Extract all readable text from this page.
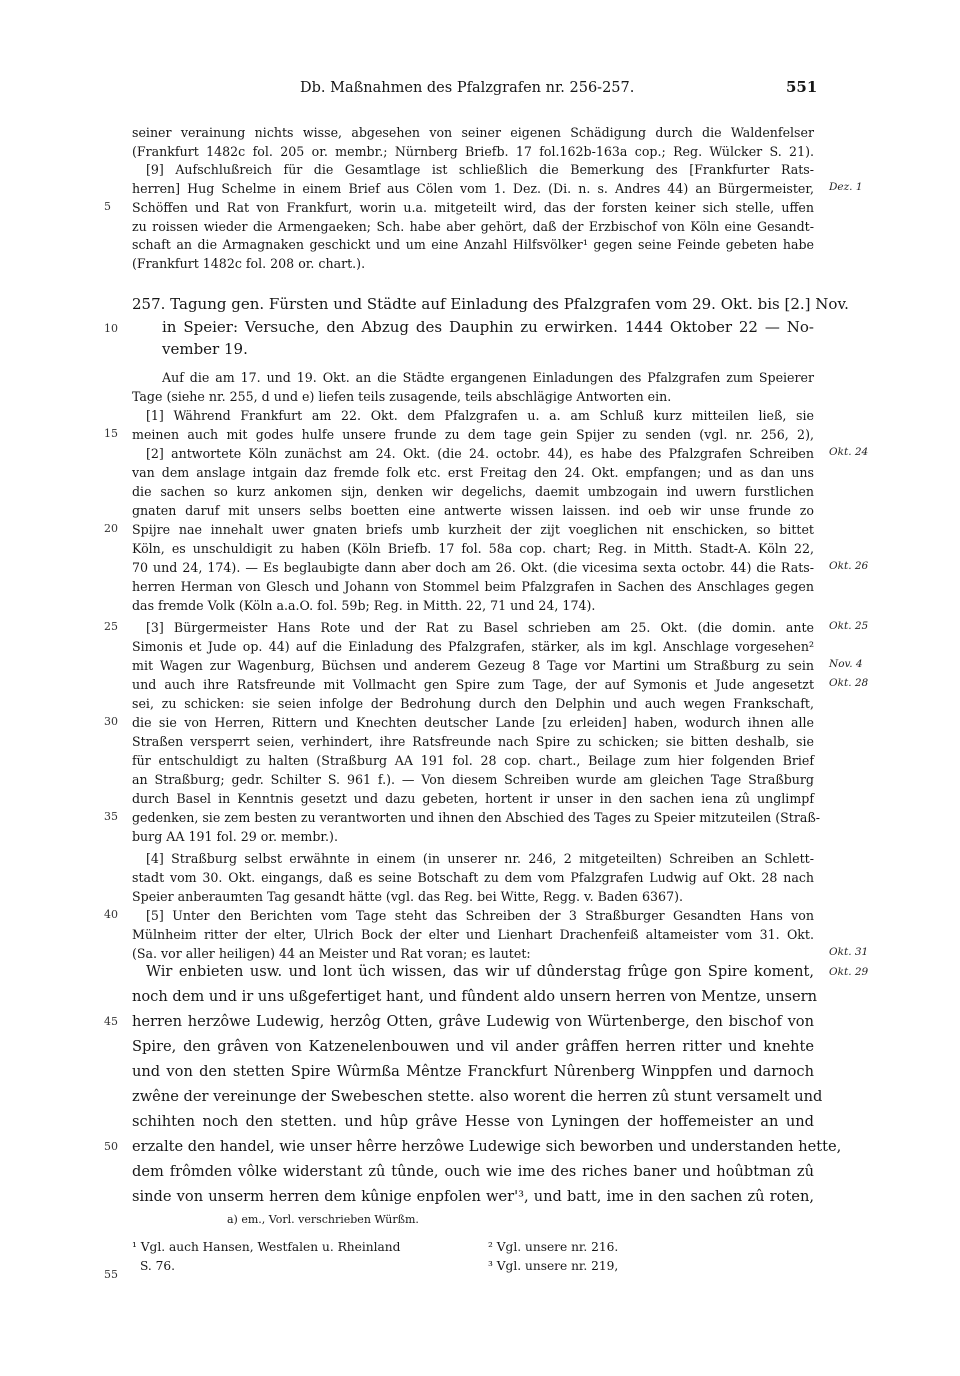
Db. Maßnahmen des Pfalzgrafen nr. 256-257.	551
seiner verainung nichts wisse, abgesehen von seiner eigenen Schädigung durch die Waldenfelser
(Frankfurt 1482c fol. 205 or. membr.; Nürnberg Briefb. 17 fol.162b-163a cop.; Reg. Wülcker S. 21).
[9] Aufschlußreich für die Gesamtlage ist schließlich die Bemerkung des [Frankfurter Rats-
herren] Hug Schelme in einem Brief aus Cölen vom 1. Dez. (Di. n. s. Andres 44) an Bürgermeister,
Schöffen und Rat von Frankfurt, worin u.a. mitgeteilt wird, das der forsten keiner sich stelle, uffen
zu roissen wieder die Armengaeken; Sch. habe aber gehört, daß der Erzbischof von Köln eine Gesandt-
schaft an die Armagnaken geschickt und um eine Anzahl Hilfsvölker¹ gegen seine Feinde gebeten habe
(Frankfurt 1482c fol. 208 or. chart.).
257. Tagung gen. Fürsten und Städte auf Einladung des Pfalzgrafen vom 29. Okt. bis [2.] Nov.
in Speier: Versuche, den Abzug des Dauphin zu erwirken. 1444 Oktober 22 — No-
vember 19.
Auf die am 17. und 19. Okt. an die Städte ergangenen Einladungen des Pfalzgrafen zum Speierer
Tage (siehe nr. 255, d und e) liefen teils zusagende, teils abschlägige Antworten ein.
[1] Während Frankfurt am 22. Okt. dem Pfalzgrafen u. a. am Schluß kurz mitteilen ließ, sie
meinen auch mit godes hulfe unsere frunde zu dem tage gein Spijer zu senden (vgl. nr. 256, 2),
[2] antwortete Köln zunächst am 24. Okt. (die 24. octobr. 44), es habe des Pfalzgrafen Schreiben
van dem anslage intgain daz fremde folk etc. erst Freitag den 24. Okt. empfangen; und as dan uns
die sachen so kurz ankomen sijn, denken wir degelichs, daemit umbzogain ind uwern furstlichen
gnaten daruf mit unsers selbs boetten eine antwerte wissen laissen. ind oeb wir unse frunde zo
Spijre nae innehalt uwer gnaten briefs umb kurzheit der zijt voeglichen nit enschicken, so bittet
Köln, es unschuldigit zu haben (Köln Briefb. 17 fol. 58a cop. chart; Reg. in Mitth. Stadt-A. Köln 22,
70 und 24, 174). — Es beglaubigte dann aber doch am 26. Okt. (die vicesima sexta octobr. 44) die Rats-
herren Herman von Glesch und Johann von Stommel beim Pfalzgrafen in Sachen des Anschlages gegen
das fremde Volk (Köln a.a.O. fol. 59b; Reg. in Mitth. 22, 71 und 24, 174).
[3] Bürgermeister Hans Rote und der Rat zu Basel schrieben am 25. Okt. (die domin. ante
Simonis et Jude op. 44) auf die Einladung des Pfalzgrafen, stärker, als im kgl. Anschlage vorgesehen²
mit Wagen zur Wagenburg, Büchsen und anderem Gezeug 8 Tage vor Martini um Straßburg zu sein
und auch ihre Ratsfreunde mit Vollmacht gen Spire zum Tage, der auf Symonis et Jude angesetzt
sei, zu schicken: sie seien infolge der Bedrohung durch den Delphin und auch wegen Frankschaft,
die sie von Herren, Rittern und Knechten deutscher Lande [zu erleiden] haben, wodurch ihnen alle
Straßen versperrt seien, verhindert, ihre Ratsfreunde nach Spire zu schicken; sie bitten deshalb, sie
für entschuldigt zu halten (Straßburg AA 191 fol. 28 cop. chart., Beilage zum hier folgenden Brief
an Straßburg; gedr. Schilter S. 961 f.). — Von diesem Schreiben wurde am gleichen Tage Straßburg
durch Basel in Kenntnis gesetzt und dazu gebeten, hortent ir unser in den sachen iena zû unglimpf
gedenken, sie zem besten zu verantworten und ihnen den Abschied des Tages zu Speier mitzuteilen (Straß-
burg AA 191 fol. 29 or. membr.).
[4] Straßburg selbst erwähnte in einem (in unserer nr. 246, 2 mitgeteilten) Schreiben an Schlett-
stadt vom 30. Okt. eingangs, daß es seine Botschaft zu dem vom Pfalzgrafen Ludwig auf Okt. 28 nach
Speier anberaumten Tag gesandt hätte (vgl. das Reg. bei Witte, Regg. v. Baden 6367).
[5] Unter den Berichten vom Tage steht das Schreiben der 3 Straßburger Gesandten Hans von
Mülnheim ritter der elter, Ulrich Bock der elter und Lienhart Drachenfeiß altameister vom 31. Okt.
(Sa. vor aller heiligen) 44 an Meister und Rat voran; es lautet:
Wir enbieten usw. und lont üch wissen, das wir uf dûnderstag frûge gon Spire koment,
noch dem und ir uns ußgefertiget hant, und fûndent aldo unsern herren von Mentze, unsern
herren herzôwe Ludewig, herzôg Otten, grâve Ludewig von Würtenberge, den bischof von
Spire, den grâven von Katzenelenbouwen und vil ander grâffen herren ritter und knehte
und von den stetten Spire Wûrmßa Mêntze Franckfurt Nûrenberg Winppfen und darnoch
zwêne der vereinunge der Swebeschen stette. also worent die herren zû stunt versamelt und
schihten noch den stetten. und hûp grâve Hesse von Lyningen der hoffemeister an und
erzalte den handel, wie unser hêrre herzôwe Ludewige sich beworben und understanden hette,
dem frômden vôlke widerstant zû tûnde, ouch wie ime des riches baner und hoûbtman zû
sinde von unserm herren dem kûnige enpfolen wer'³, und batt, ime in den sachen zû roten,
5
10
15
20
25
30
35
40
45
50
55
Dez. 1
Okt. 24
Okt. 26
Okt. 25
Nov. 4
Okt. 28
Okt. 31
Okt. 29
a) em., Vorl. verschrieben Würßm.
¹ Vgl. auch Hansen, Westfalen u. Rheinland
S. 76.
² Vgl. unsere nr. 216.
³ Vgl. unsere nr. 219,
